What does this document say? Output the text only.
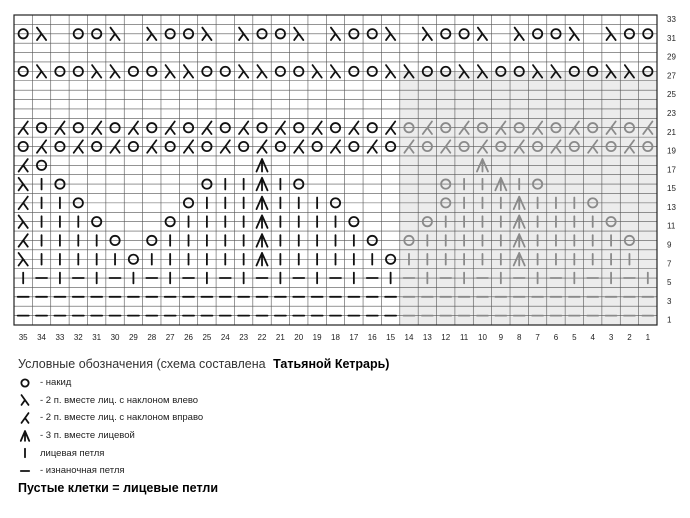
33
31
29
27
25
23
21
19
17
15
13
11
9
7
5
3
1
35 34 33 32 31 30 29 28 27 26 25 24 23 22 21 20 19 18 17 16 15 14 13 12 11 10 9 8 7 6 5 4 3 2 1
Условные обозначения (схема составлена Татьяной Кетрарь)
- накид
- 2 п. вместе лиц. с наклоном влево
- 2 п. вместе лиц. с наклоном вправо
- 3 п. вместе лицевой
лицевая петля
- изнаночная петля
Пустые клетки = лицевые петли
